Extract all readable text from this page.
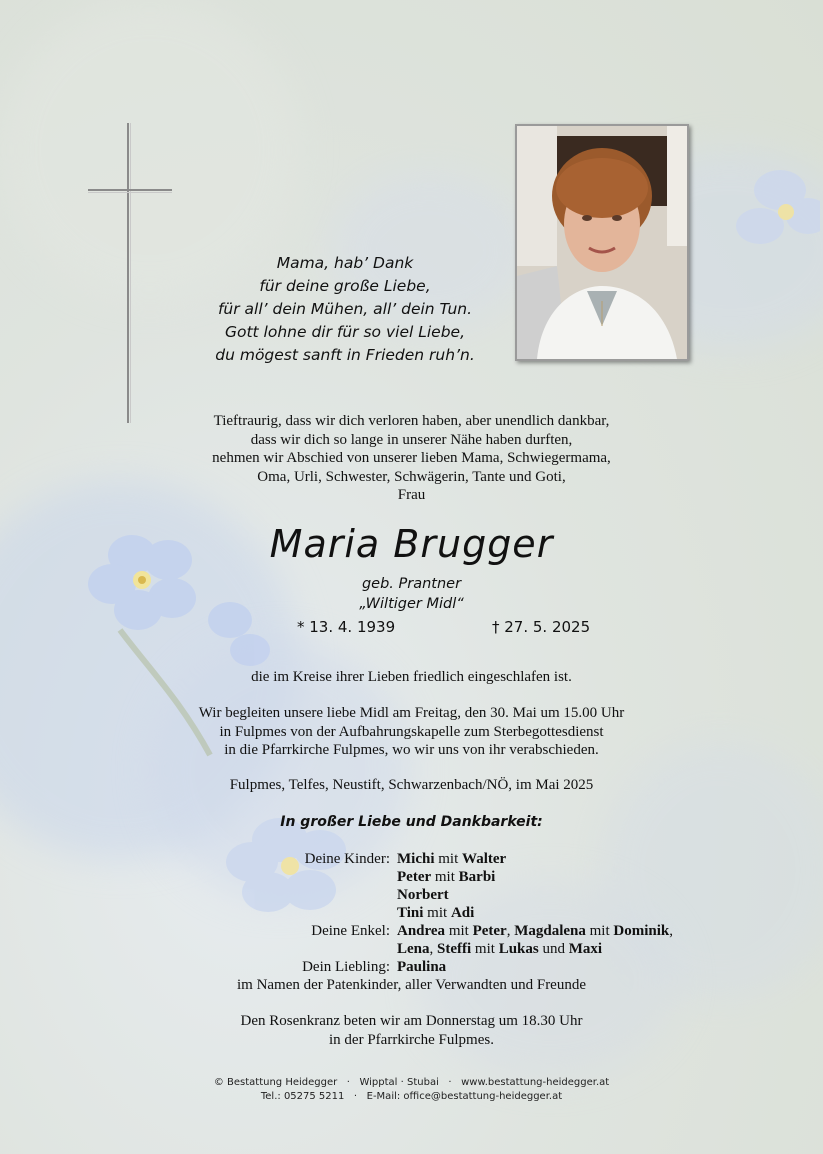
Mama, hab’ Dank
für deine große Liebe,
für all’ dein Mühen, all’ dein Tun.
Gott lohne dir für so viel Liebe,
du mögest sanft in Frieden ruh’n.
Tieftraurig, dass wir dich verloren haben, aber unendlich dankbar,
dass wir dich so lange in unserer Nähe haben durften,
nehmen wir Abschied von unserer lieben Mama, Schwiegermama,
Oma, Urli, Schwester, Schwägerin, Tante und Goti,
Frau
Maria Brugger
geb. Prantner
„Wiltiger Midl“
* 13. 4. 1939	† 27. 5. 2025
die im Kreise ihrer Lieben friedlich eingeschlafen ist.
Wir begleiten unsere liebe Midl am Freitag, den 30. Mai um 15.00 Uhr
in Fulpmes von der Aufbahrungskapelle zum Sterbegottesdienst
in die Pfarrkirche Fulpmes, wo wir uns von ihr verabschieden.
Fulpmes, Telfes, Neustift, Schwarzenbach/NÖ, im Mai 2025
In großer Liebe und Dankbarkeit:
Deine Kinder: Michi mit Walter
Peter mit Barbi
Norbert
Tini mit Adi
Deine Enkel: Andrea mit Peter, Magdalena mit Dominik,
Lena, Steffi mit Lukas und Maxi
Dein Liebling: Paulina
im Namen der Patenkinder, aller Verwandten und Freunde
Den Rosenkranz beten wir am Donnerstag um 18.30 Uhr
in der Pfarrkirche Fulpmes.
© Bestattung Heidegger   ·   Wipptal · Stubai   ·   www.bestattung-heidegger.at
Tel.: 05275 5211   ·   E-Mail: office@bestattung-heidegger.at
